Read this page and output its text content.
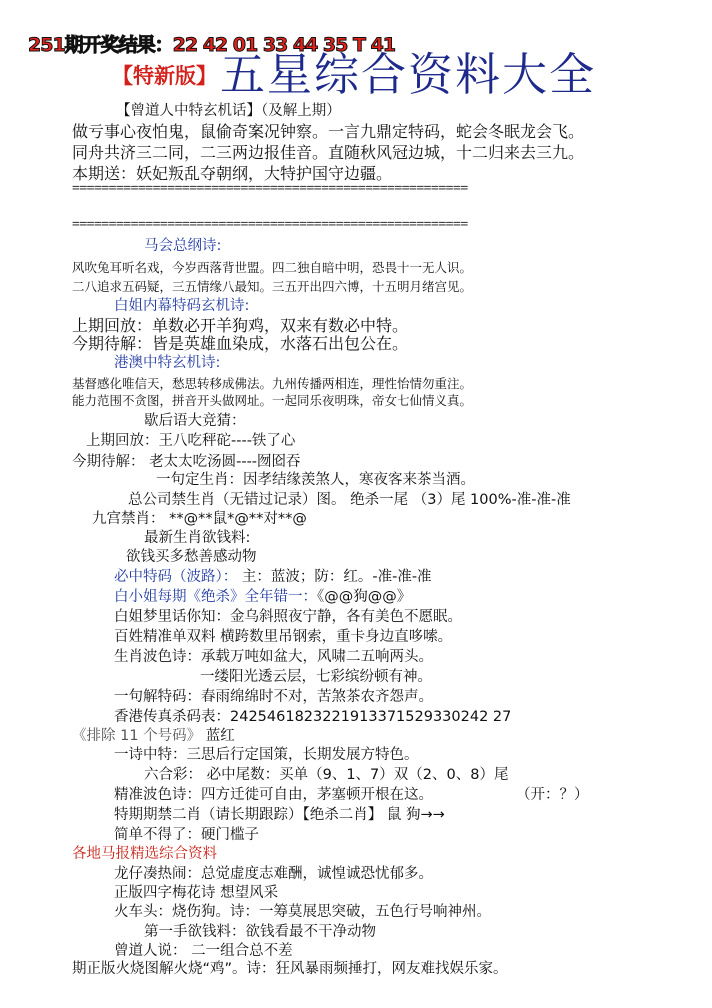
251期开奖结果：22 42 01 33 44 35 T 41
【特新版】 五星综合资料大全
【曾道人中特玄机话】（及解上期）
做亏事心夜怕鬼，鼠偷奇案况钟察。一言九鼎定特码，蛇会冬眠龙会飞。
同舟共济三二同，二三两边报佳音。直随秋风冠边城，十二归来去三九。
本期送：妖妃叛乱夺朝纲，大特护国守边疆。
======================================================
======================================================
马会总纲诗:
风吹兔耳听名戏，今岁西落背世盟。四二独自暗中明，恐畏十一无人识。
二八追求五码疑，三五情缘八最知。三五开出四六博，十五明月绪宫见。
白姐内幕特码玄机诗:
上期回放：单数必开羊狗鸡，双来有数必中特。
今期待解：皆是英雄血染成，水落石出包公在。
港澳中特玄机诗:
基督感化唯信天，愁思转移成佛法。九州传播两相连，理性怡情勿重注。
能力范围不贪图，拼音开头做网址。一起同乐夜明珠，帝女七仙情义真。
歇后语大竞猜：
上期回放：王八吃秤砣----铁了心
今期待解： 老太太吃汤圆----囫囵吞
一句定生肖：因孝结缘羡煞人，寒夜客来茶当酒。
总公司禁生肖（无错过记录）图。 绝杀一尾 （3）尾 100%-准-准-准
九宫禁肖： **@**鼠*@**对**@
最新生肖欲钱料:
欲钱买多愁善感动物
必中特码（波路）： 主：蓝波；防：红。-准-准-准
白小姐每期《绝杀》全年错一：《@@狗@@》
白姐梦里话你知：金乌斜照夜宁静，各有美色不愿眠。
百姓精准单双料 横跨数里吊钢索，重卡身边直哆嗦。
生肖波色诗：承载万吨如盆大，风啸二五响两头。
一缕阳光透云层，七彩缤纷顿有神。
一句解特码：春雨绵绵时不对，苦煞茶农齐怨声。
香港传真杀码表：2425461823221913371529330242 27
《排除 11 个号码》 蓝红
一诗中特：三思后行定国策，长期发展方特色。
六合彩： 必中尾数：买单（9、1、7）双（2、0、8）尾
精准波色诗：四方迁徙可自由，茅塞顿开根在这。	（开：？）
特期期禁二肖（请长期跟踪）【绝杀二肖】 鼠 狗→→
简单不得了：硬门槛子
各地马报精选综合资料
龙仔凑热闹：总觉虚度志难酬，诚惶诚恐忧郁多。
正版四字梅花诗 想望风采
火车头：烧伤狗。诗：一筹莫展思突破，五色行号响神州。
第一手欲钱料：欲钱看最不干净动物
曾道人说： 二一组合总不差
期正版火烧图解火烧“鸡”。诗：狂风暴雨频捶打，网友难找娱乐家。
